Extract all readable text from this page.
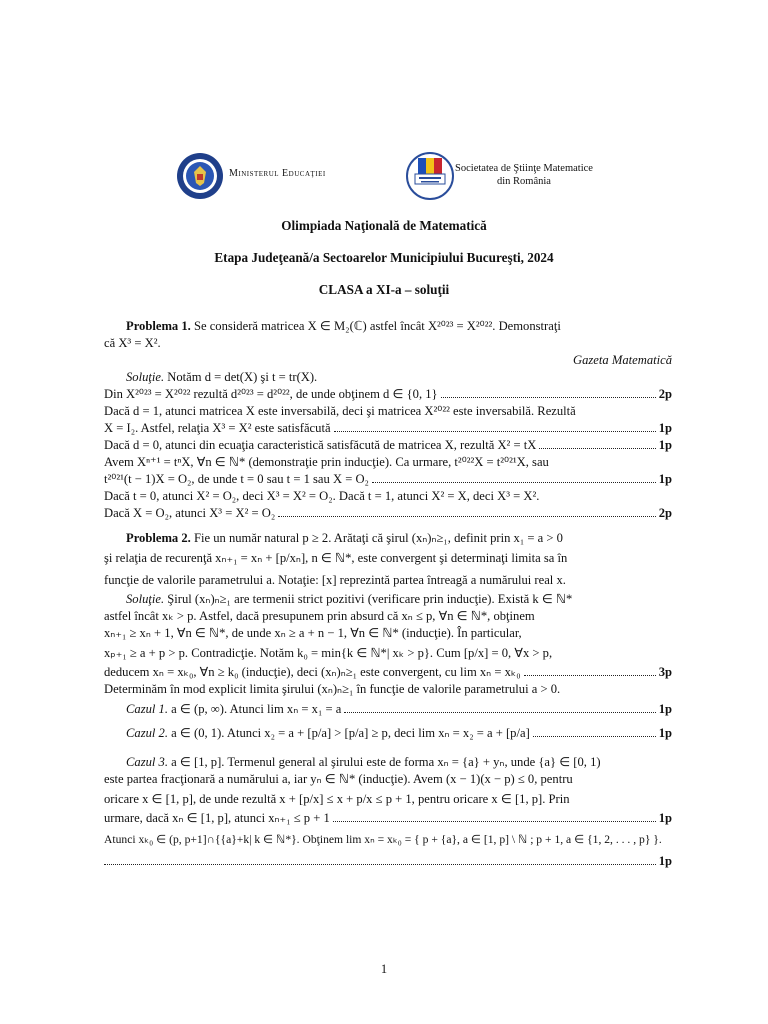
Ministerul Educaţiei	Societatea de Ştiinţe Matematice
din România
Olimpiada Naţională de Matematică
Etapa Judeţeană/a Sectoarelor Municipiului Bucureşti, 2024
CLASA a XI-a – soluţii
Problema 1. Se consideră matricea X ∈ M₂(ℂ) astfel încât X²⁰²³ = X²⁰²². Demonstraţi
că X³ = X².
Gazeta Matematică
Soluţie. Notăm d = det(X) şi t = tr(X).
Din X²⁰²³ = X²⁰²² rezultă d²⁰²³ = d²⁰²², de unde obţinem d ∈ {0, 1}	2p
Dacă d = 1, atunci matricea X este inversabilă, deci şi matricea X²⁰²² este inversabilă. Rezultă
X = I₂. Astfel, relaţia X³ = X² este satisfăcută	1p
Dacă d = 0, atunci din ecuaţia caracteristică satisfăcută de matricea X, rezultă X² = tX	1p
Avem Xⁿ⁺¹ = tⁿX, ∀n ∈ ℕ* (demonstraţie prin inducţie). Ca urmare, t²⁰²²X = t²⁰²¹X, sau
t²⁰²¹(t − 1)X = O₂, de unde t = 0 sau t = 1 sau X = O₂	1p
Dacă t = 0, atunci X² = O₂, deci X³ = X² = O₂. Dacă t = 1, atunci X² = X, deci X³ = X².
Dacă X = O₂, atunci X³ = X² = O₂	2p
Problema 2. Fie un număr natural p ≥ 2. Arătaţi că şirul (xₙ)ₙ≥₁, definit prin x₁ = a > 0
şi relaţia de recurenţă xₙ₊₁ = xₙ + [p/xₙ], n ∈ ℕ*, este convergent şi determinaţi limita sa în
funcţie de valorile parametrului a. Notaţie: [x] reprezintă partea întreagă a numărului real x.
Soluţie. Şirul (xₙ)ₙ≥₁ are termenii strict pozitivi (verificare prin inducţie). Există k ∈ ℕ*
astfel încât xₖ > p. Astfel, dacă presupunem prin absurd că xₙ ≤ p, ∀n ∈ ℕ*, obţinem
xₙ₊₁ ≥ xₙ + 1, ∀n ∈ ℕ*, de unde xₙ ≥ a + n − 1, ∀n ∈ ℕ* (inducţie). În particular,
xₚ₊₁ ≥ a + p > p. Contradicţie. Notăm k₀ = min{k ∈ ℕ*| xₖ > p}. Cum [p/x] = 0, ∀x > p,
deducem xₙ = xₖ₀, ∀n ≥ k₀ (inducţie), deci (xₙ)ₙ≥₁ este convergent, cu lim xₙ = xₖ₀	3p
Determinăm în mod explicit limita şirului (xₙ)ₙ≥₁ în funcţie de valorile parametrului a > 0.
Cazul 1. a ∈ (p, ∞). Atunci lim xₙ = x₁ = a	1p
Cazul 2. a ∈ (0, 1). Atunci x₂ = a + [p/a] > [p/a] ≥ p, deci lim xₙ = x₂ = a + [p/a]	1p
Cazul 3. a ∈ [1, p]. Termenul general al şirului este de forma xₙ = {a} + yₙ, unde {a} ∈ [0, 1)
este partea fracţionară a numărului a, iar yₙ ∈ ℕ* (inducţie). Avem (x − 1)(x − p) ≤ 0, pentru
oricare x ∈ [1, p], de unde rezultă x + [p/x] ≤ x + p/x ≤ p + 1, pentru oricare x ∈ [1, p]. Prin
urmare, dacă xₙ ∈ [1, p], atunci xₙ₊₁ ≤ p + 1	1p
Atunci xₖ₀ ∈ (p, p+1]∩{{a}+k| k ∈ ℕ*}. Obţinem lim xₙ = xₖ₀ = { p + {a}, a ∈ [1, p] \ ℕ ; p + 1, a ∈ {1, 2, . . . , p} }.
1p
1
